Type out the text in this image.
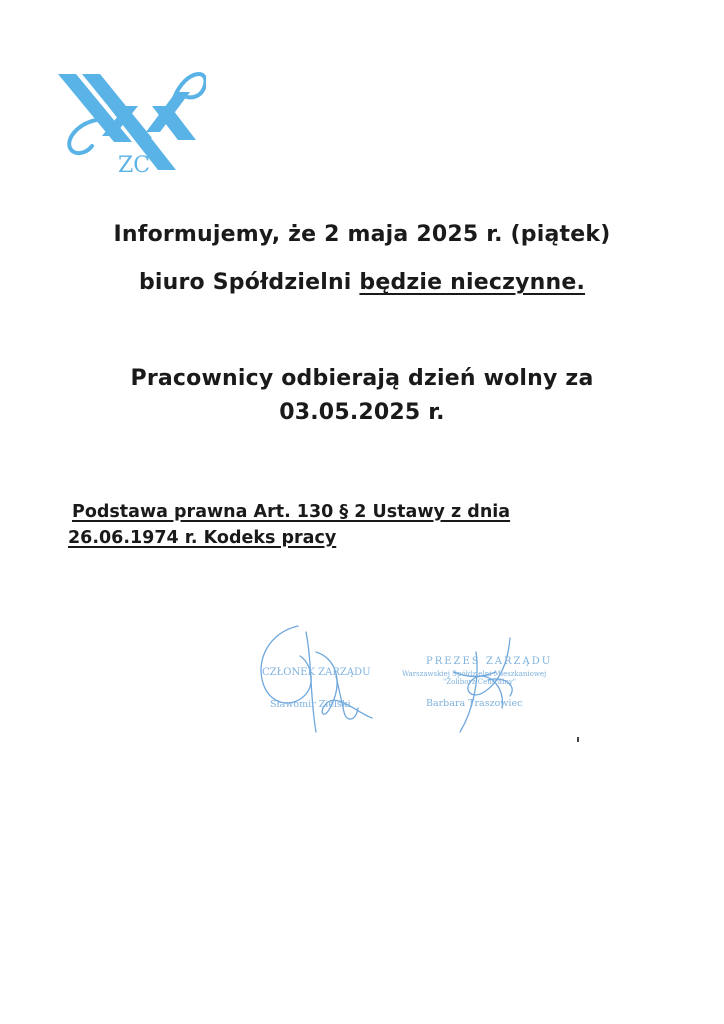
ZC
Informujemy, że 2 maja 2025 r. (piątek)
biuro Spółdzielni będzie nieczynne.
Pracownicy odbierają dzień wolny za
03.05.2025 r.
Podstawa prawna Art. 130 § 2 Ustawy z dnia
26.06.1974 r. Kodeks pracy
CZŁONEK ZARZĄDU
Sławomir Zielski
PREZES ZARZĄDU
Warszawskiej Spółdzielni Mieszkaniowej
"Żoliborz Centralny"
Barbara Traszowiec
